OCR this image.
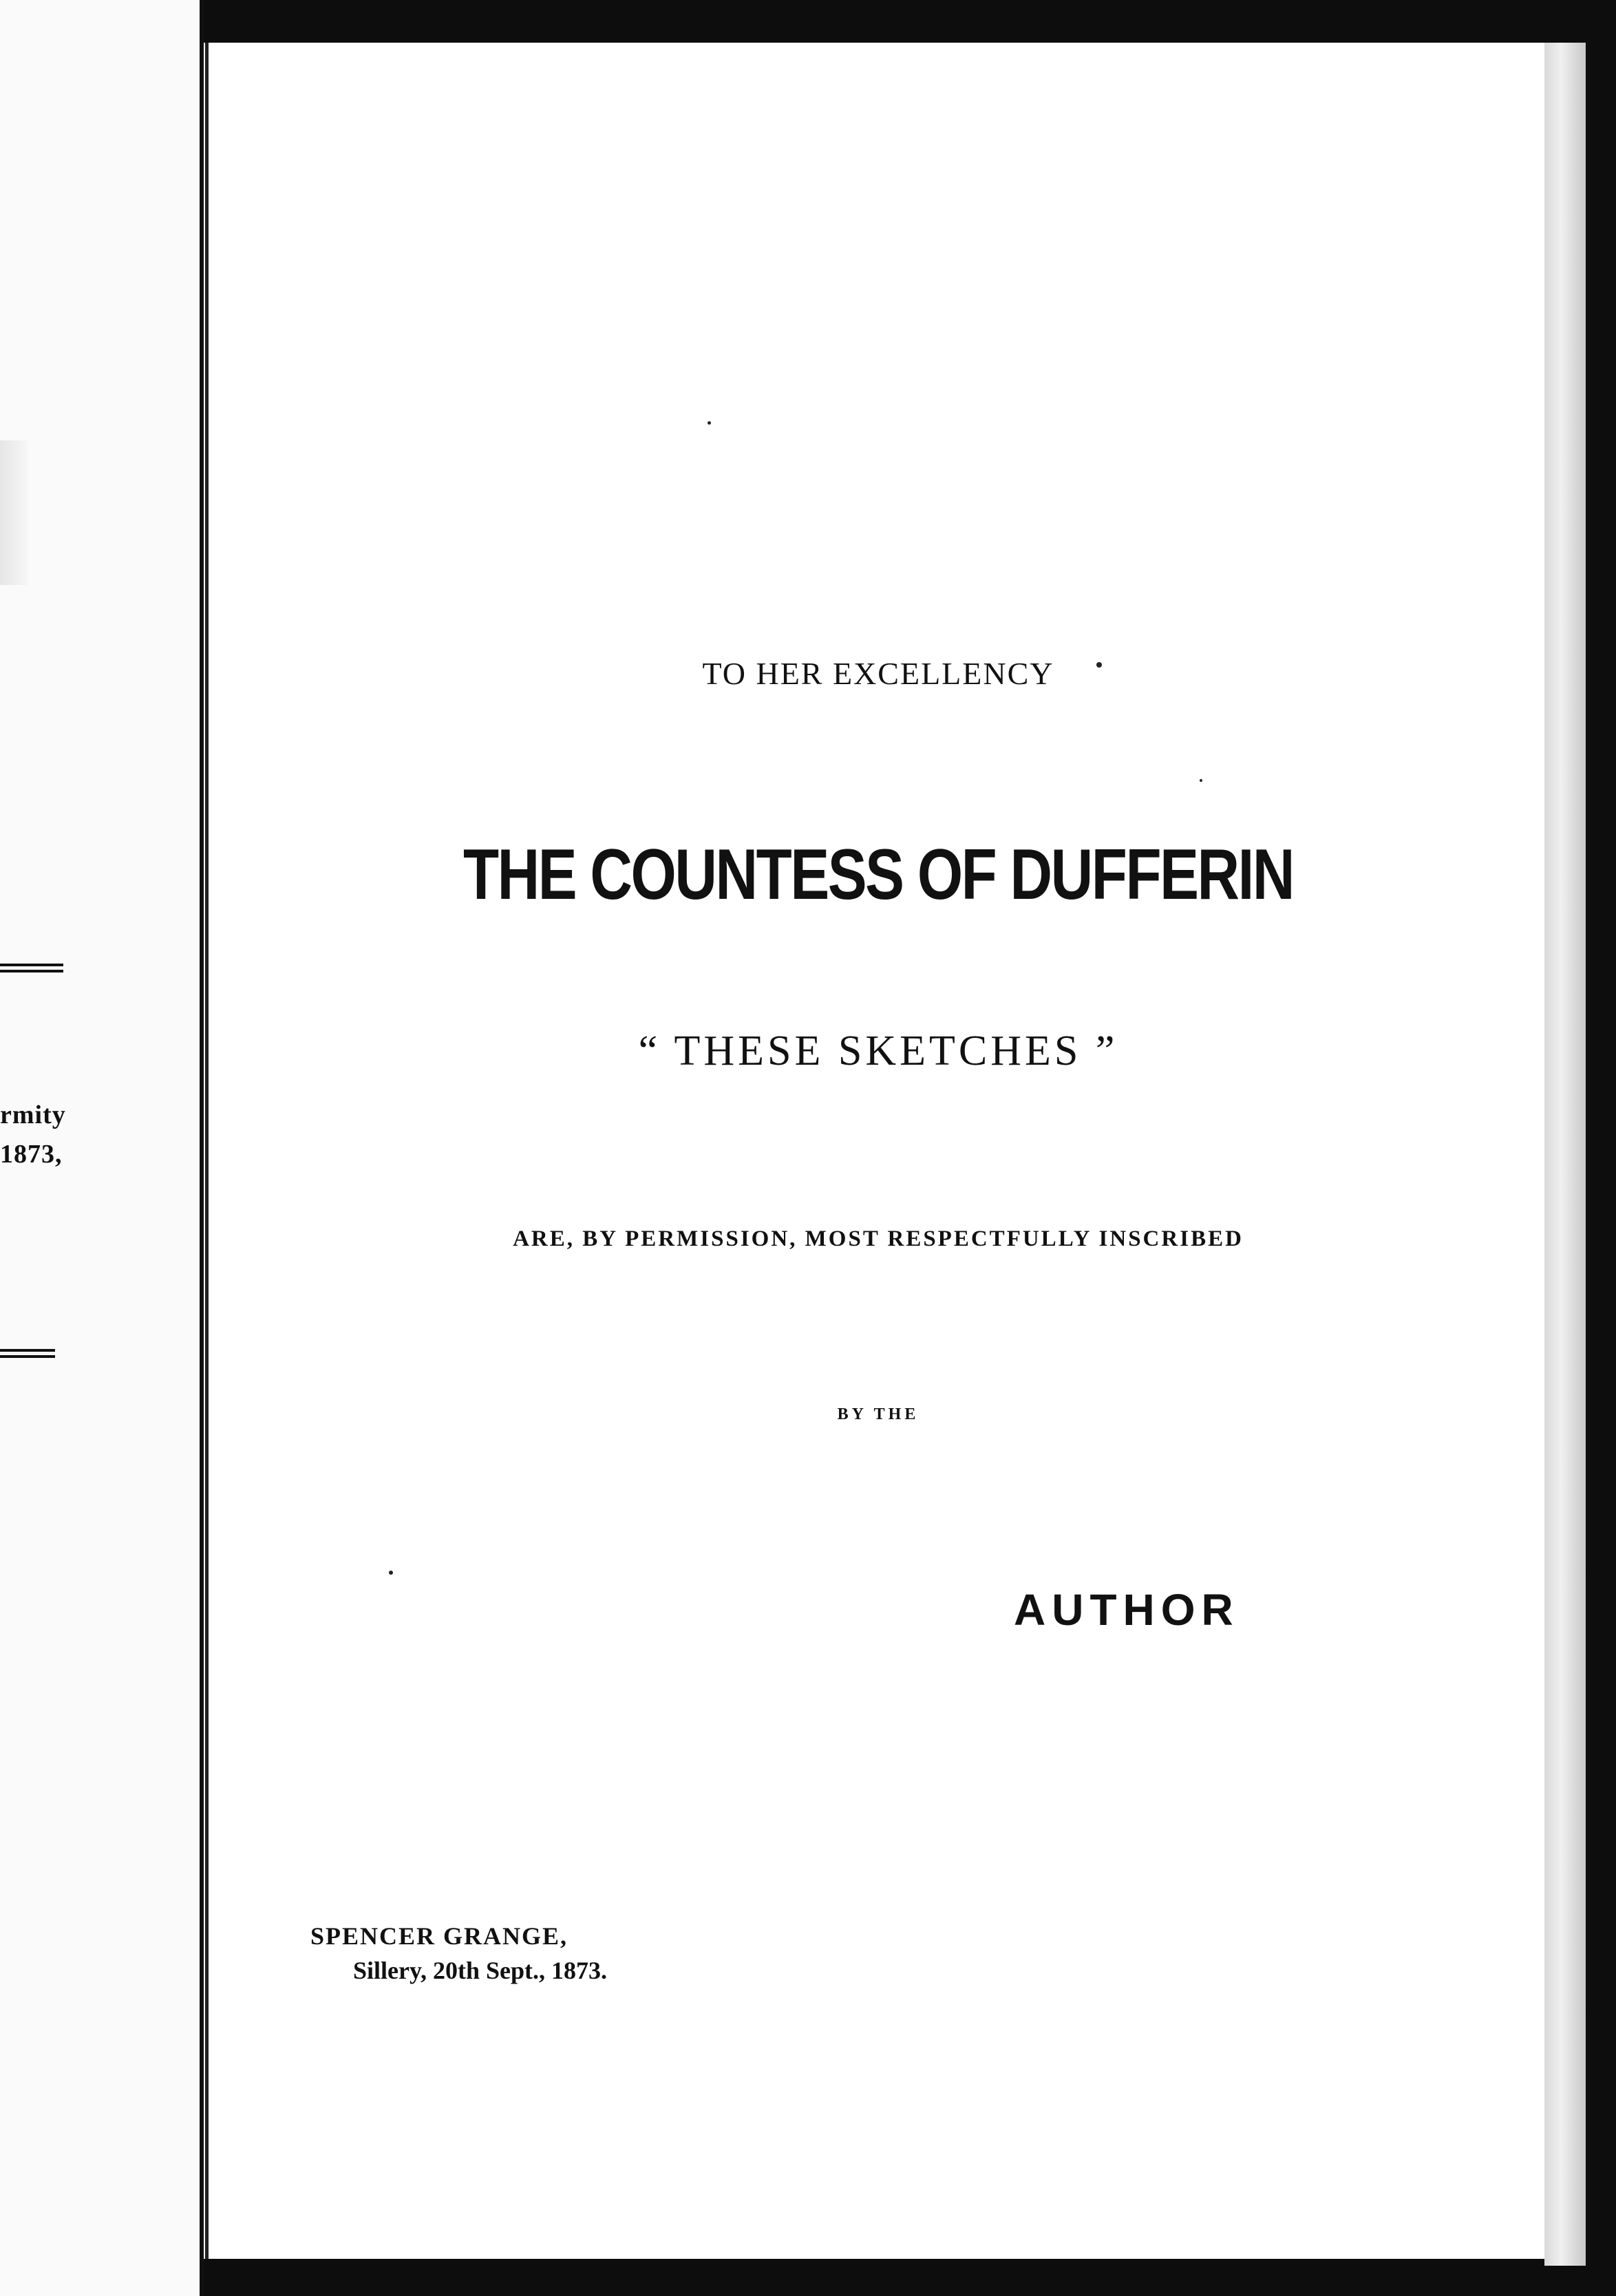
rmity
1873,
​
TO HER EXCELLENCY
THE COUNTESS OF DUFFERIN
“ THESE SKETCHES ”
ARE, BY PERMISSION, MOST RESPECTFULLY INSCRIBED
BY THE
AUTHOR
SPENCER GRANGE,
Sillery, 20th Sept., 1873.
